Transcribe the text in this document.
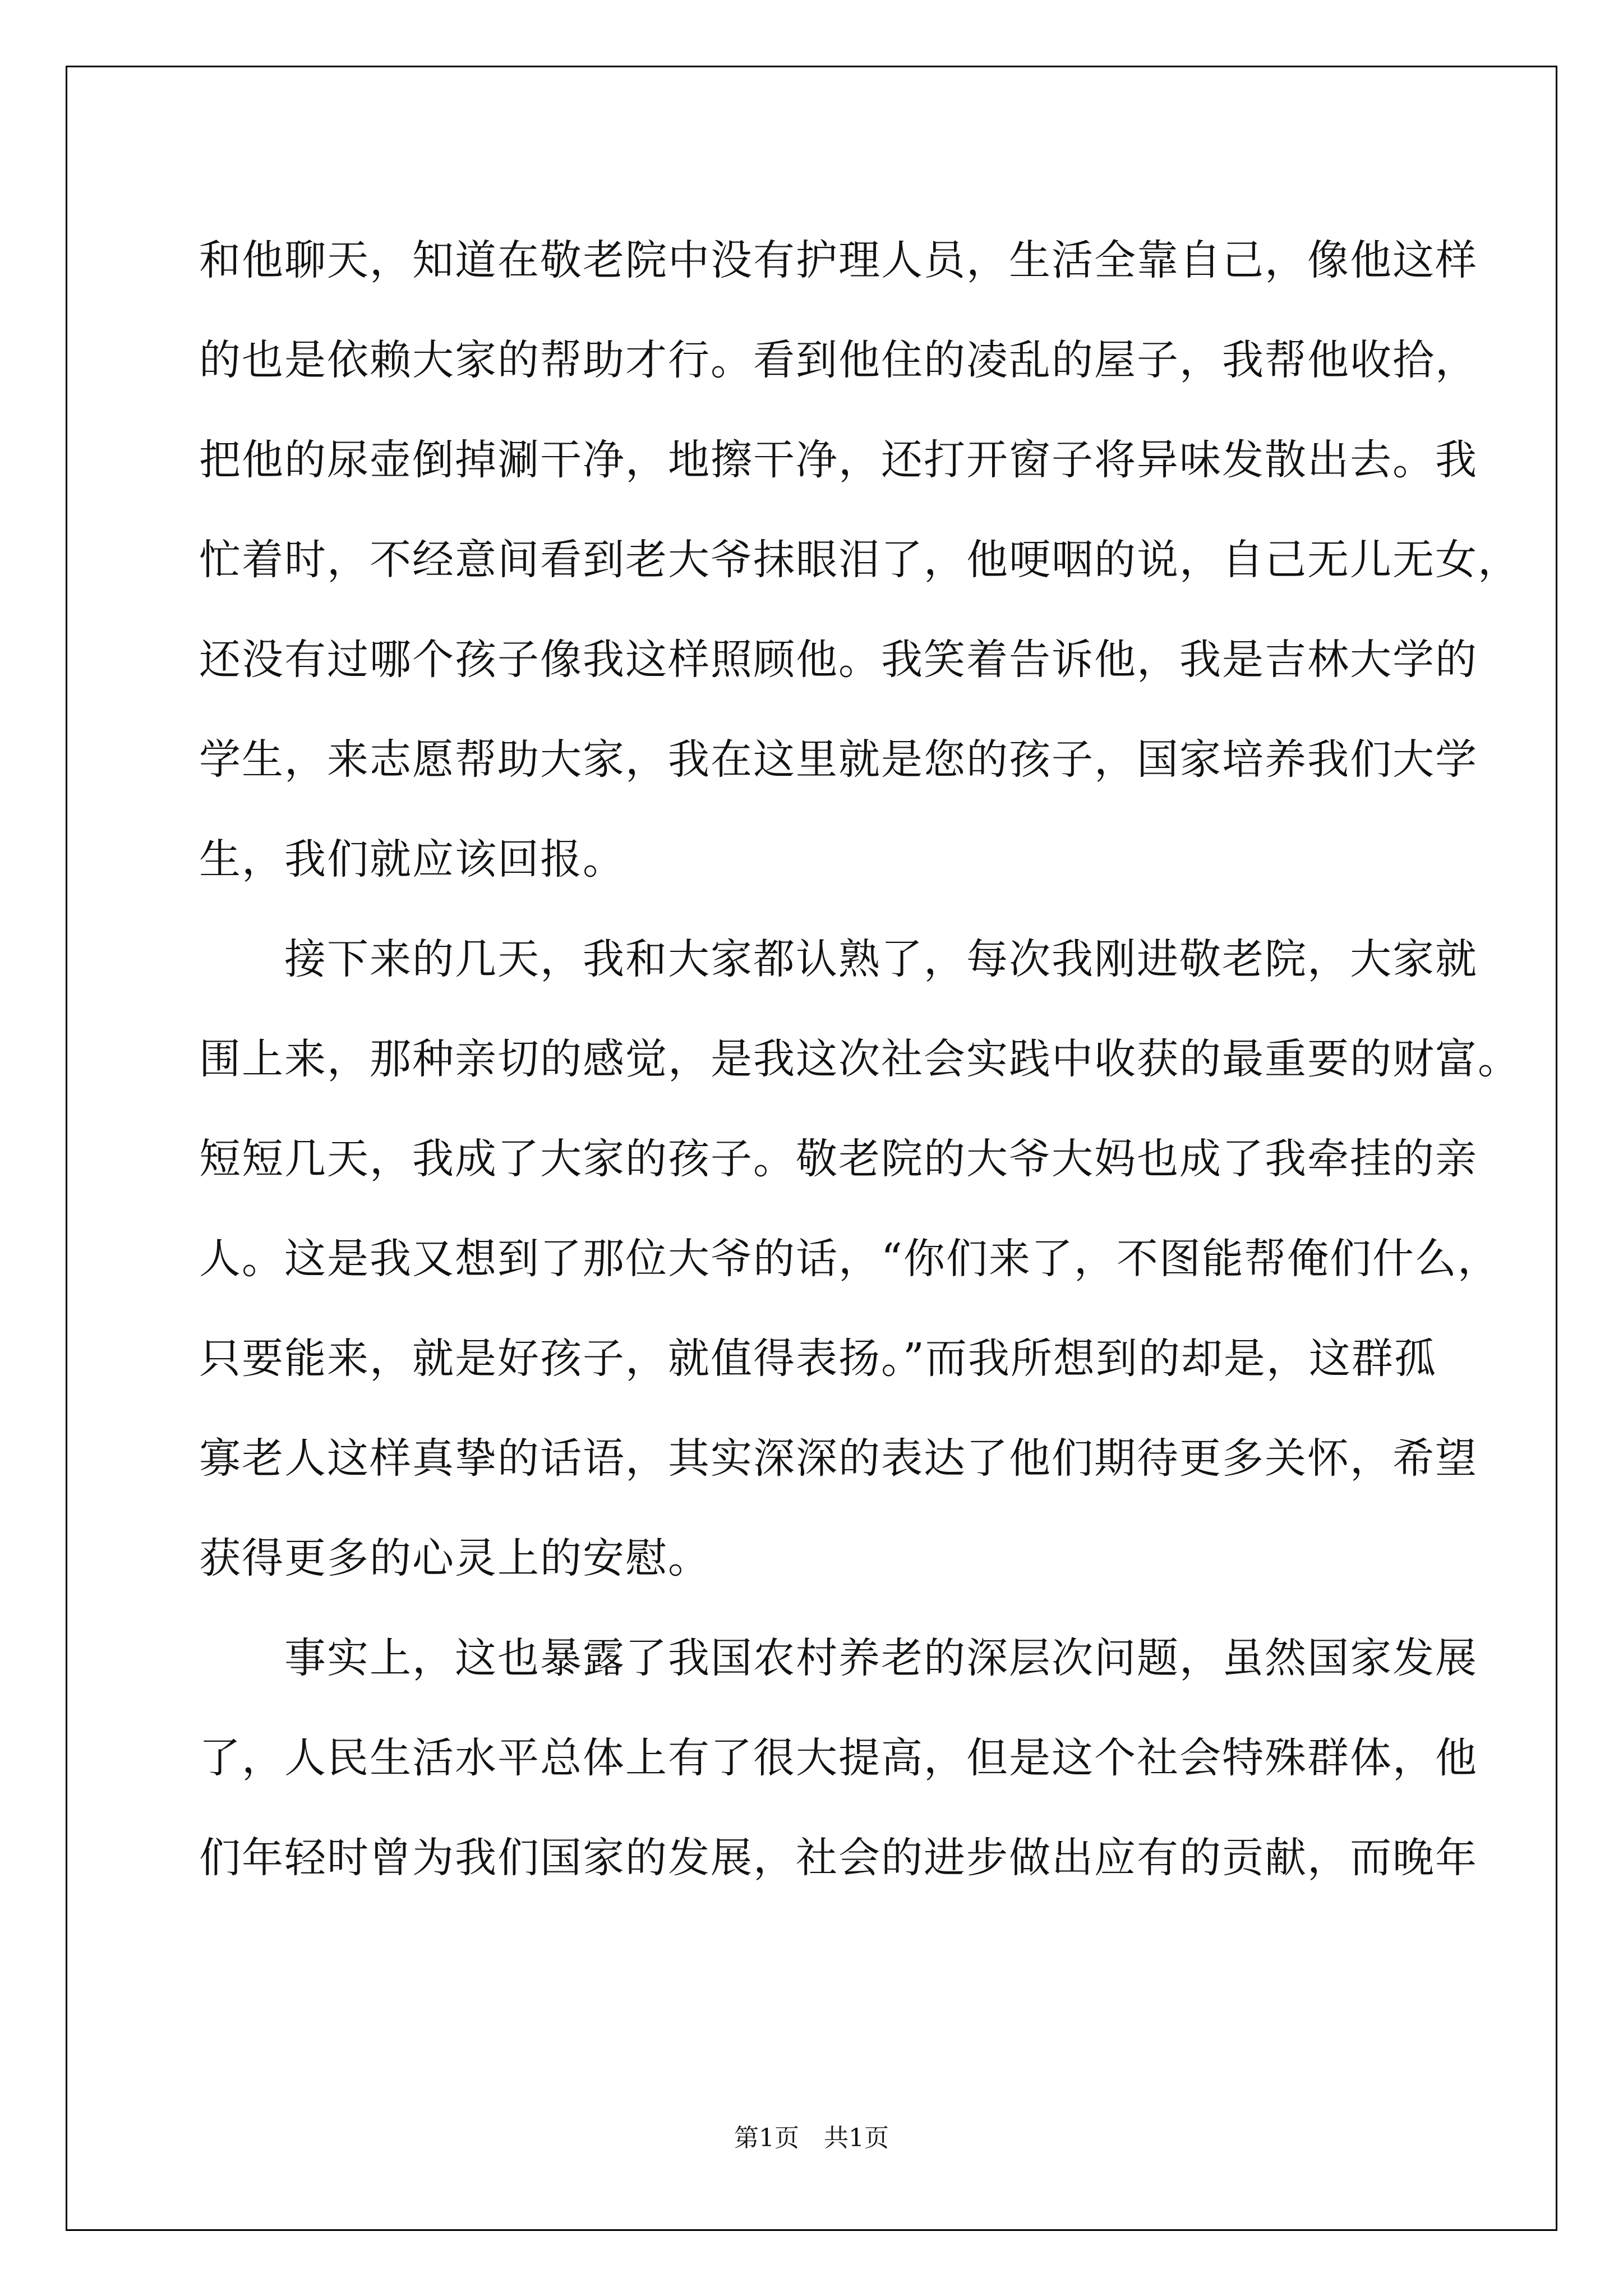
和他聊天，知道在敬老院中没有护理人员，生活全靠自己，像他这样
的也是依赖大家的帮助才行。看到他住的凌乱的屋子，我帮他收拾，
把他的尿壶倒掉涮干净，地擦干净，还打开窗子将异味发散出去。我
忙着时，不经意间看到老大爷抹眼泪了，他哽咽的说，自己无儿无女，
还没有过哪个孩子像我这样照顾他。我笑着告诉他，我是吉林大学的
学生，来志愿帮助大家，我在这里就是您的孩子，国家培养我们大学
生，我们就应该回报。
　　接下来的几天，我和大家都认熟了，每次我刚进敬老院，大家就
围上来，那种亲切的感觉，是我这次社会实践中收获的最重要的财富。
短短几天，我成了大家的孩子。敬老院的大爷大妈也成了我牵挂的亲
人。这是我又想到了那位大爷的话，“你们来了，不图能帮俺们什么，
只要能来，就是好孩子，就值得表扬。”而我所想到的却是，这群孤
寡老人这样真挚的话语，其实深深的表达了他们期待更多关怀，希望
获得更多的心灵上的安慰。
　　事实上，这也暴露了我国农村养老的深层次问题，虽然国家发展
了，人民生活水平总体上有了很大提高，但是这个社会特殊群体，他
们年轻时曾为我们国家的发展，社会的进步做出应有的贡献，而晚年
第1页　共1页
